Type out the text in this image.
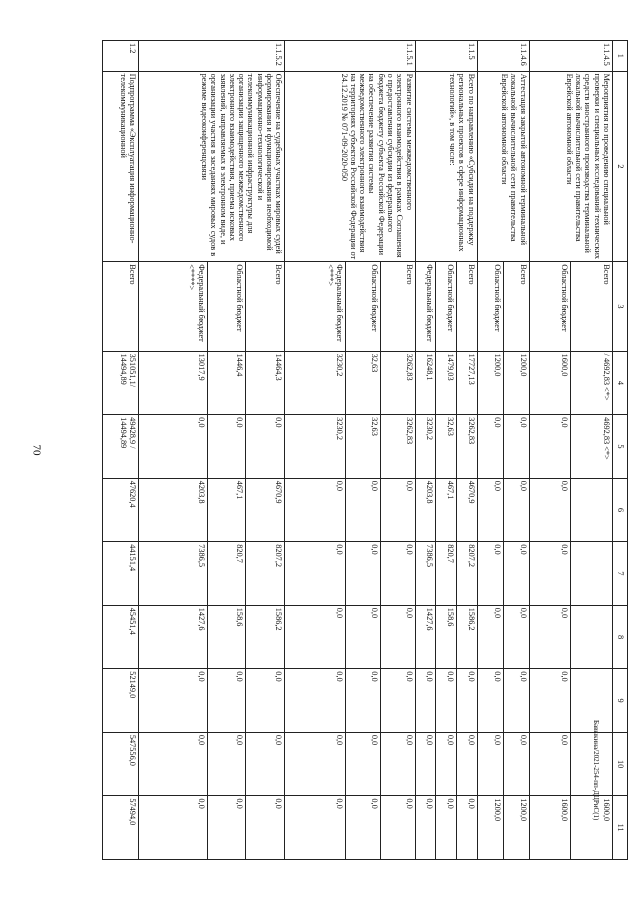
70
1	2	3	4	5	6	7	8	9	10	11
1.1.4.5	Мероприятия по проведению специальной проверки и специальных исследований технических средств иностранного производства терминальной локальной вычислительной сети правительства Еврейской автономной области	Всего	/ 4692,83 <*>	4692,83 <*>						1600,0
		Областной бюджет	1600,0	0,0	0,0	0,0	0,0	0,0	0,0	1600,0
1.1.4.6	Аттестация закрытой автономной терминальной локальной вычислительной сети правительства Еврейской автономной области	Всего	1200,0	0,0	0,0	0,0	0,0	0,0	0,0	1200,0
		Областной бюджет	1200,0	0,0	0,0	0,0	0,0	0,0	0,0	1200,0
1.1.5	Всего по направлению «Субсидии на поддержку региональных проектов в сфере информационных технологий», в том числе:	Всего	17727,13	3262,83	4670,9	8207,2	1586,2	0,0	0,0	0,0
		Областной бюджет	1479,03	32,63	467,1	820,7	158,6	0,0	0,0	0,0
		Федеральный бюджет	16248,1	3230,2	4203,8	7386,5	1427,6	0,0	0,0	0,0
1.1.5.1	Развитие системы межведомственного электронного взаимодействия в рамках Соглашения о предоставлении субсидии из федерального бюджета бюджету субъекта Российской Федерации на обеспечение развития системы межведомственного электронного взаимодействия на территориях субъектов Российской Федерации от 24.12.2019 № 071-09-2020-050	Всего	3262,83	3262,83	0,0	0,0	0,0	0,0	0,0	0,0
		Областной бюджет	32,63	32,63	0,0	0,0	0,0	0,0	0,0	0,0
		Федеральный бюджет <***>	3230,2	3230,2	0,0	0,0	0,0	0,0	0,0	0,0
1.1.5.2	Обеспечение на судебных участках мировых судей формирования и функционирования необходимой информационно-технологической и телекоммуникационной инфраструктуры для организации защищенного межведомственного электронного взаимодействия, приема исковых заявлений, направляемых в электронном виде, и организации участия в заседаниях мировых судов в режиме видеоконференцсвязи	Всего	14464,3	0,0	4670,9	8207,2	1586,2	0,0	0,0	0,0
		Областной бюджет	1446,4	0,0	467,1	820,7	158,6	0,0	0,0	0,0
		Федеральный бюджет <****>	13017,9	0,0	4203,8	7386,5	1427,6	0,0	0,0	0,0
1.2	Подпрограмма «Эксплуатация информационно-телекоммуникационной	Всего	351051,1/ 14494,89	49428,9 / 14494,89	47620,4	44151,4	45451,4	52149,0	547556,0	57494,0	Бавыкина/2021-254-пп-ДЦРиС(1)
